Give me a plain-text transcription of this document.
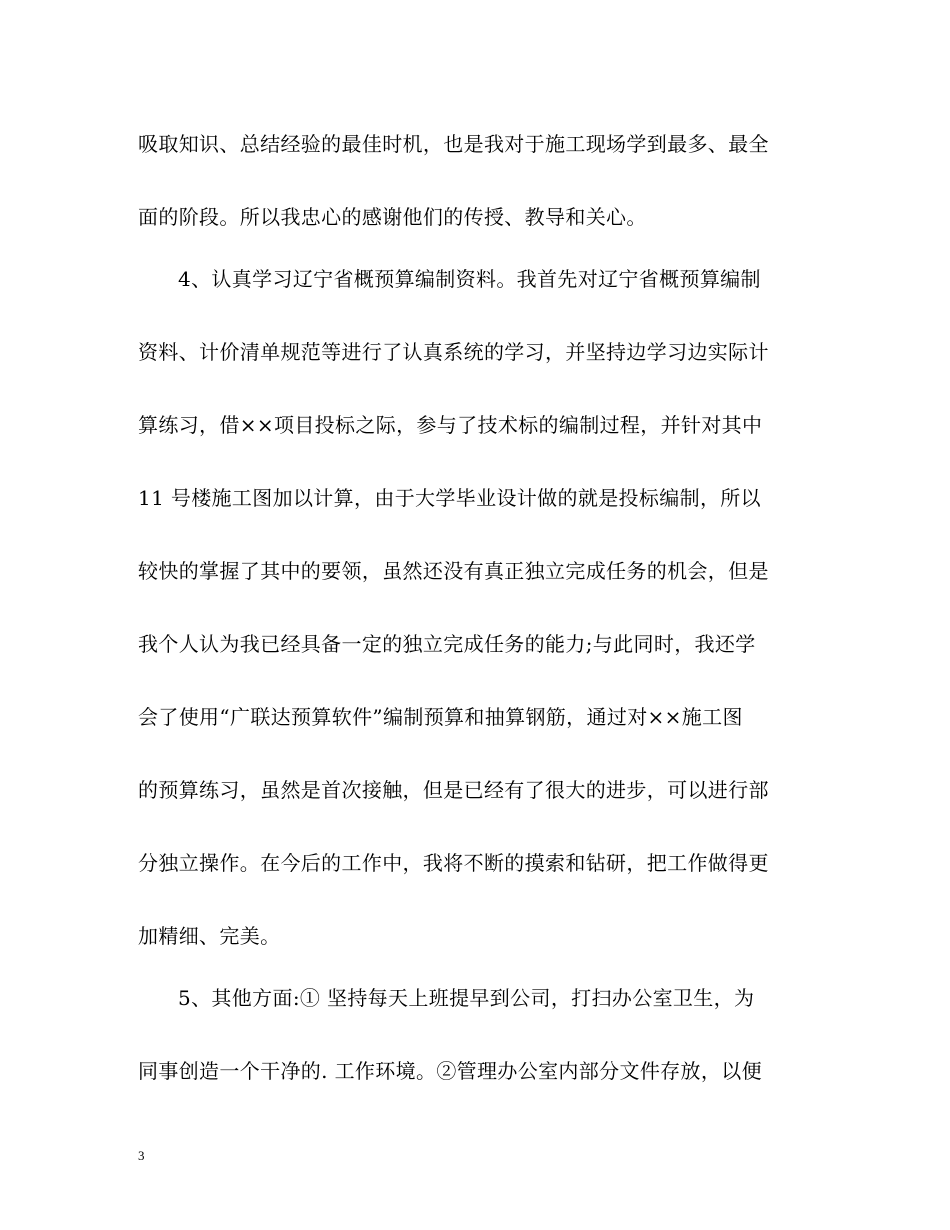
吸取知识、总结经验的最佳时机，也是我对于施工现场学到最多、最全
面的阶段。所以我忠心的感谢他们的传授、教导和关心。
4、认真学习辽宁省概预算编制资料。我首先对辽宁省概预算编制
资料、计价清单规范等进行了认真系统的学习，并坚持边学习边实际计
算练习，借××项目投标之际，参与了技术标的编制过程，并针对其中
11 号楼施工图加以计算，由于大学毕业设计做的就是投标编制，所以
较快的掌握了其中的要领，虽然还没有真正独立完成任务的机会，但是
我个人认为我已经具备一定的独立完成任务的能力;与此同时，我还学
会了使用“广联达预算软件”编制预算和抽算钢筋，通过对××施工图
的预算练习，虽然是首次接触，但是已经有了很大的进步，可以进行部
分独立操作。在今后的工作中，我将不断的摸索和钻研，把工作做得更
加精细、完美。
5、其他方面:① 坚持每天上班提早到公司，打扫办公室卫生，为
同事创造一个干净的. 工作环境。②管理办公室内部分文件存放，以便
3
